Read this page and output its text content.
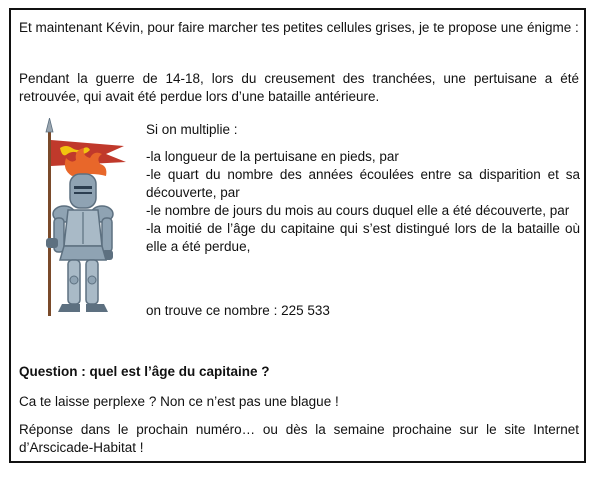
Et maintenant Kévin, pour faire marcher tes petites cellules grises, je te propose une énigme :

Pendant la guerre de 14-18, lors du creusement des tranchées, une pertuisane a été retrouvée, qui avait été perdue lors d’une bataille antérieure.

Si on multiplie :

-la longueur de la pertuisane en pieds, par

-le quart du nombre des années écoulées entre sa disparition et sa découverte, par

-le nombre de jours du mois au cours duquel elle a été découverte, par

-la moitié de l’âge du capitaine qui s’est distingué lors de la bataille où elle a été perdue,

on trouve ce nombre : 225 533

Question : quel est l’âge du capitaine ?

Ca te laisse perplexe ? Non ce n’est pas une blague !

Réponse dans le prochain numéro… ou dès la semaine prochaine sur le site Internet d’Arscicade-Habitat !
